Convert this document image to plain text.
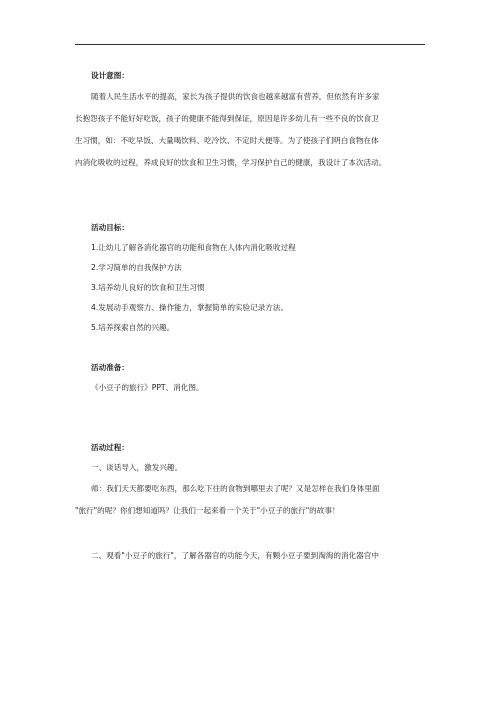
设计意图：

随着人民生活水平的提高，家长为孩子提供的饮食也越来越富有营养，但依然有许多家
长抱怨孩子不能好好吃饭，孩子的健康不能得到保证，原因是许多幼儿有一些不良的饮食卫
生习惯，如：不吃早饭、大量喝饮料、吃冷饮、不定时大便等。为了使孩子们明白食物在体
内消化吸收的过程，养成良好的饮食和卫生习惯，学习保护自己的健康，我设计了本次活动。

活动目标：

1.让幼儿了解各消化器官的功能和食物在人体内消化吸收过程

2.学习简单的自我保护方法

3.培养幼儿良好的饮食和卫生习惯

4.发展动手观察力、操作能力，掌握简单的实验记录方法。

5.培养探索自然的兴趣。

活动准备：

《小豆子的旅行》PPT、消化图。

活动过程：

一、谈话导入，激发兴趣。

师：我们天天都要吃东西，那么吃下往的食物到哪里去了呢？又是怎样在我们身体里面
"旅行"的呢？你们想知道吗？让我们一起来看一个关于"小豆子的旅行"的故事！

二、观看"小豆子的旅行"，了解各器官的功能今天，有颗小豆子要到淘淘的消化器官中
